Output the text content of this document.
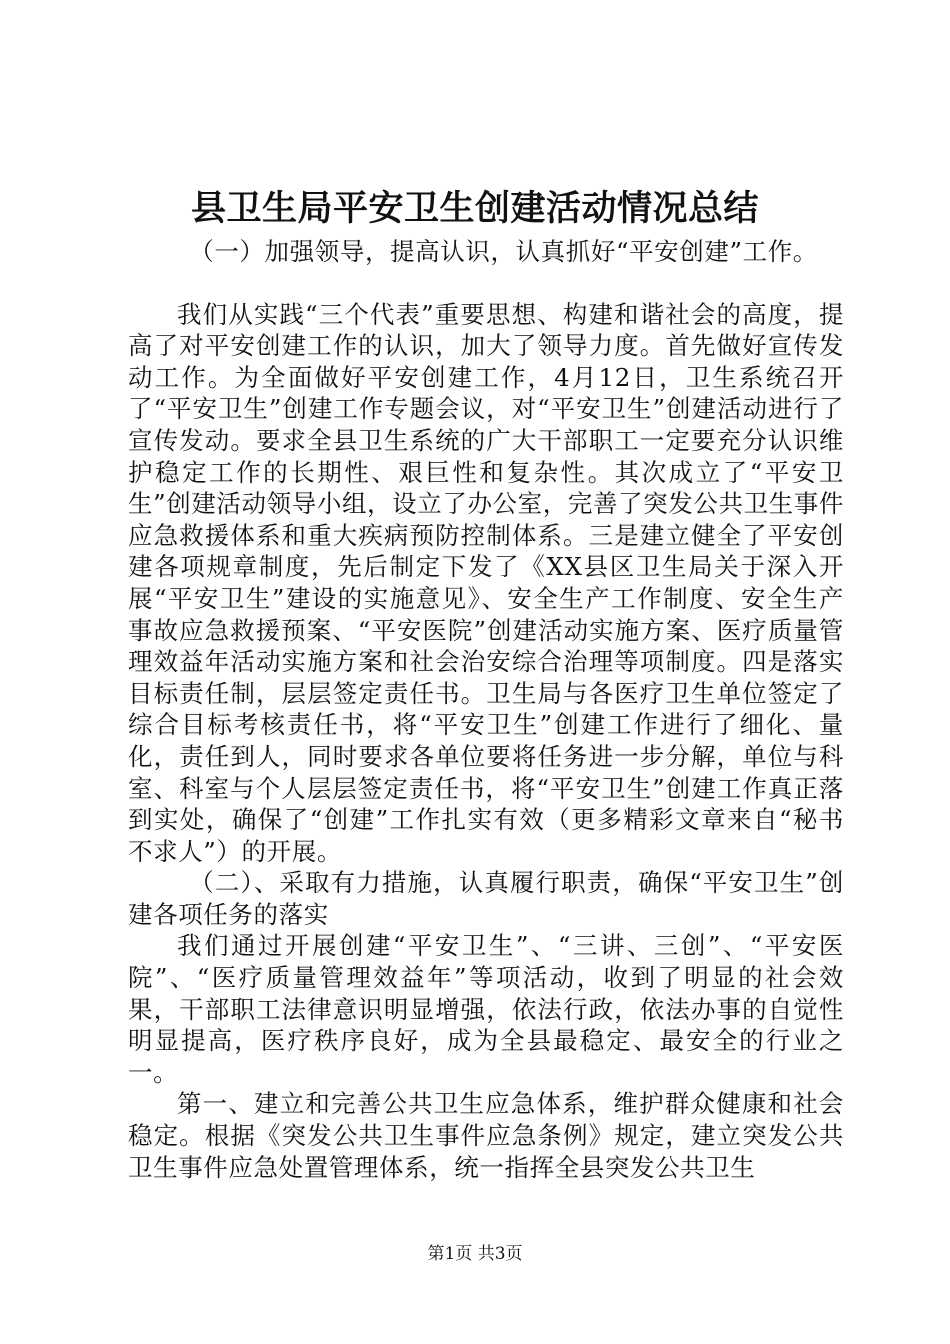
县卫生局平安卫生创建活动情况总结

（一）加强领导，提高认识，认真抓好“平安创建”工作。

我们从实践“三个代表”重要思想、构建和谐社会的高度，提高了对平安创建工作的认识，加大了领导力度。首先做好宣传发动工作。为全面做好平安创建工作，4月12日，卫生系统召开了“平安卫生”创建工作专题会议，对“平安卫生”创建活动进行了宣传发动。要求全县卫生系统的广大干部职工一定要充分认识维护稳定工作的长期性、艰巨性和复杂性。其次成立了“平安卫生”创建活动领导小组，设立了办公室，完善了突发公共卫生事件应急救援体系和重大疾病预防控制体系。三是建立健全了平安创建各项规章制度，先后制定下发了《XX县区卫生局关于深入开展“平安卫生”建设的实施意见》、安全生产工作制度、安全生产事故应急救援预案、“平安医院”创建活动实施方案、医疗质量管理效益年活动实施方案和社会治安综合治理等项制度。四是落实目标责任制，层层签定责任书。卫生局与各医疗卫生单位签定了综合目标考核责任书，将“平安卫生”创建工作进行了细化、量化，责任到人，同时要求各单位要将任务进一步分解，单位与科室、科室与个人层层签定责任书，将“平安卫生”创建工作真正落到实处，确保了“创建”工作扎实有效（更多精彩文章来自“秘书不求人”）的开展。

（二）、采取有力措施，认真履行职责，确保“平安卫生”创建各项任务的落实

我们通过开展创建“平安卫生”、“三讲、三创”、“平安医院”、“医疗质量管理效益年”等项活动，收到了明显的社会效果，干部职工法律意识明显增强，依法行政，依法办事的自觉性明显提高，医疗秩序良好，成为全县最稳定、最安全的行业之一。

第一、建立和完善公共卫生应急体系，维护群众健康和社会稳定。根据《突发公共卫生事件应急条例》规定，建立突发公共卫生事件应急处置管理体系，统一指挥全县突发公共卫生

第1页 共3页
